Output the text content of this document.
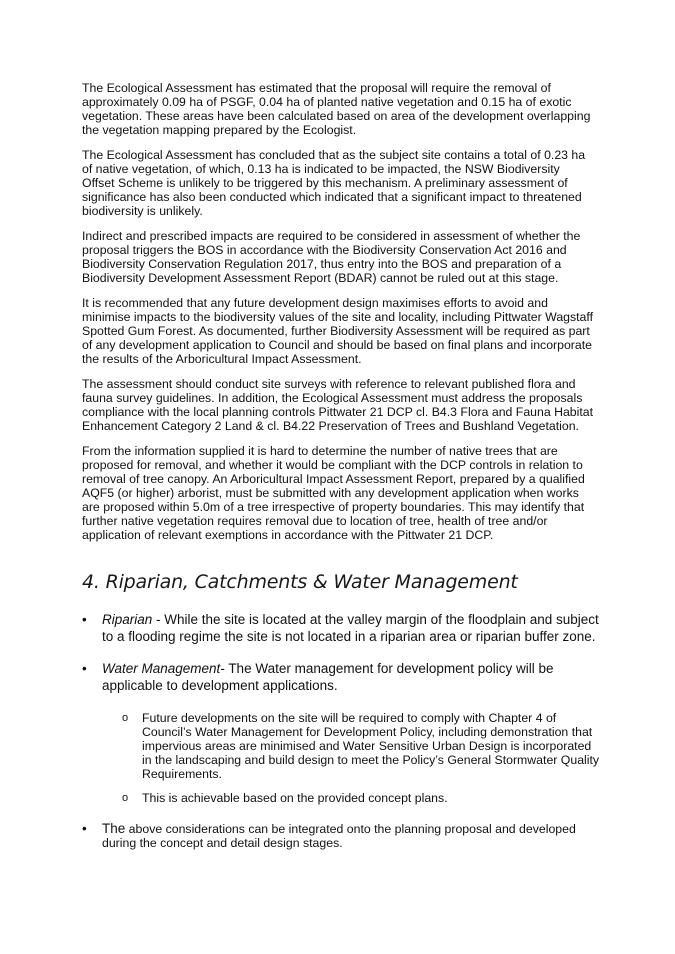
The Ecological Assessment has estimated that the proposal will require the removal of approximately 0.09 ha of PSGF, 0.04 ha of planted native vegetation and 0.15 ha of exotic vegetation. These areas have been calculated based on area of the development overlapping the vegetation mapping prepared by the Ecologist.

The Ecological Assessment has concluded that as the subject site contains a total of 0.23 ha of native vegetation, of which, 0.13 ha is indicated to be impacted, the NSW Biodiversity Offset Scheme is unlikely to be triggered by this mechanism. A preliminary assessment of significance has also been conducted which indicated that a significant impact to threatened biodiversity is unlikely.

Indirect and prescribed impacts are required to be considered in assessment of whether the proposal triggers the BOS in accordance with the Biodiversity Conservation Act 2016 and Biodiversity Conservation Regulation 2017, thus entry into the BOS and preparation of a Biodiversity Development Assessment Report (BDAR) cannot be ruled out at this stage.

It is recommended that any future development design maximises efforts to avoid and minimise impacts to the biodiversity values of the site and locality, including Pittwater Wagstaff Spotted Gum Forest. As documented, further Biodiversity Assessment will be required as part of any development application to Council and should be based on final plans and incorporate the results of the Arboricultural Impact Assessment.

The assessment should conduct site surveys with reference to relevant published flora and fauna survey guidelines. In addition, the Ecological Assessment must address the proposals compliance with the local planning controls Pittwater 21 DCP cl. B4.3 Flora and Fauna Habitat Enhancement Category 2 Land & cl. B4.22 Preservation of Trees and Bushland Vegetation.

From the information supplied it is hard to determine the number of native trees that are proposed for removal, and whether it would be compliant with the DCP controls in relation to removal of tree canopy. An Arboricultural Impact Assessment Report, prepared by a qualified AQF5 (or higher) arborist, must be submitted with any development application when works are proposed within 5.0m of a tree irrespective of property boundaries. This may identify that further native vegetation requires removal due to location of tree, health of tree and/or application of relevant exemptions in accordance with the Pittwater 21 DCP.

4. Riparian, Catchments & Water Management
• Riparian - While the site is located at the valley margin of the floodplain and subject to a flooding regime the site is not located in a riparian area or riparian buffer zone.
• Water Management- The Water management for development policy will be applicable to development applications.
o Future developments on the site will be required to comply with Chapter 4 of Council’s Water Management for Development Policy, including demonstration that impervious areas are minimised and Water Sensitive Urban Design is incorporated in the landscaping and build design to meet the Policy’s General Stormwater Quality Requirements.
o This is achievable based on the provided concept plans.
• The above considerations can be integrated onto the planning proposal and developed during the concept and detail design stages.
